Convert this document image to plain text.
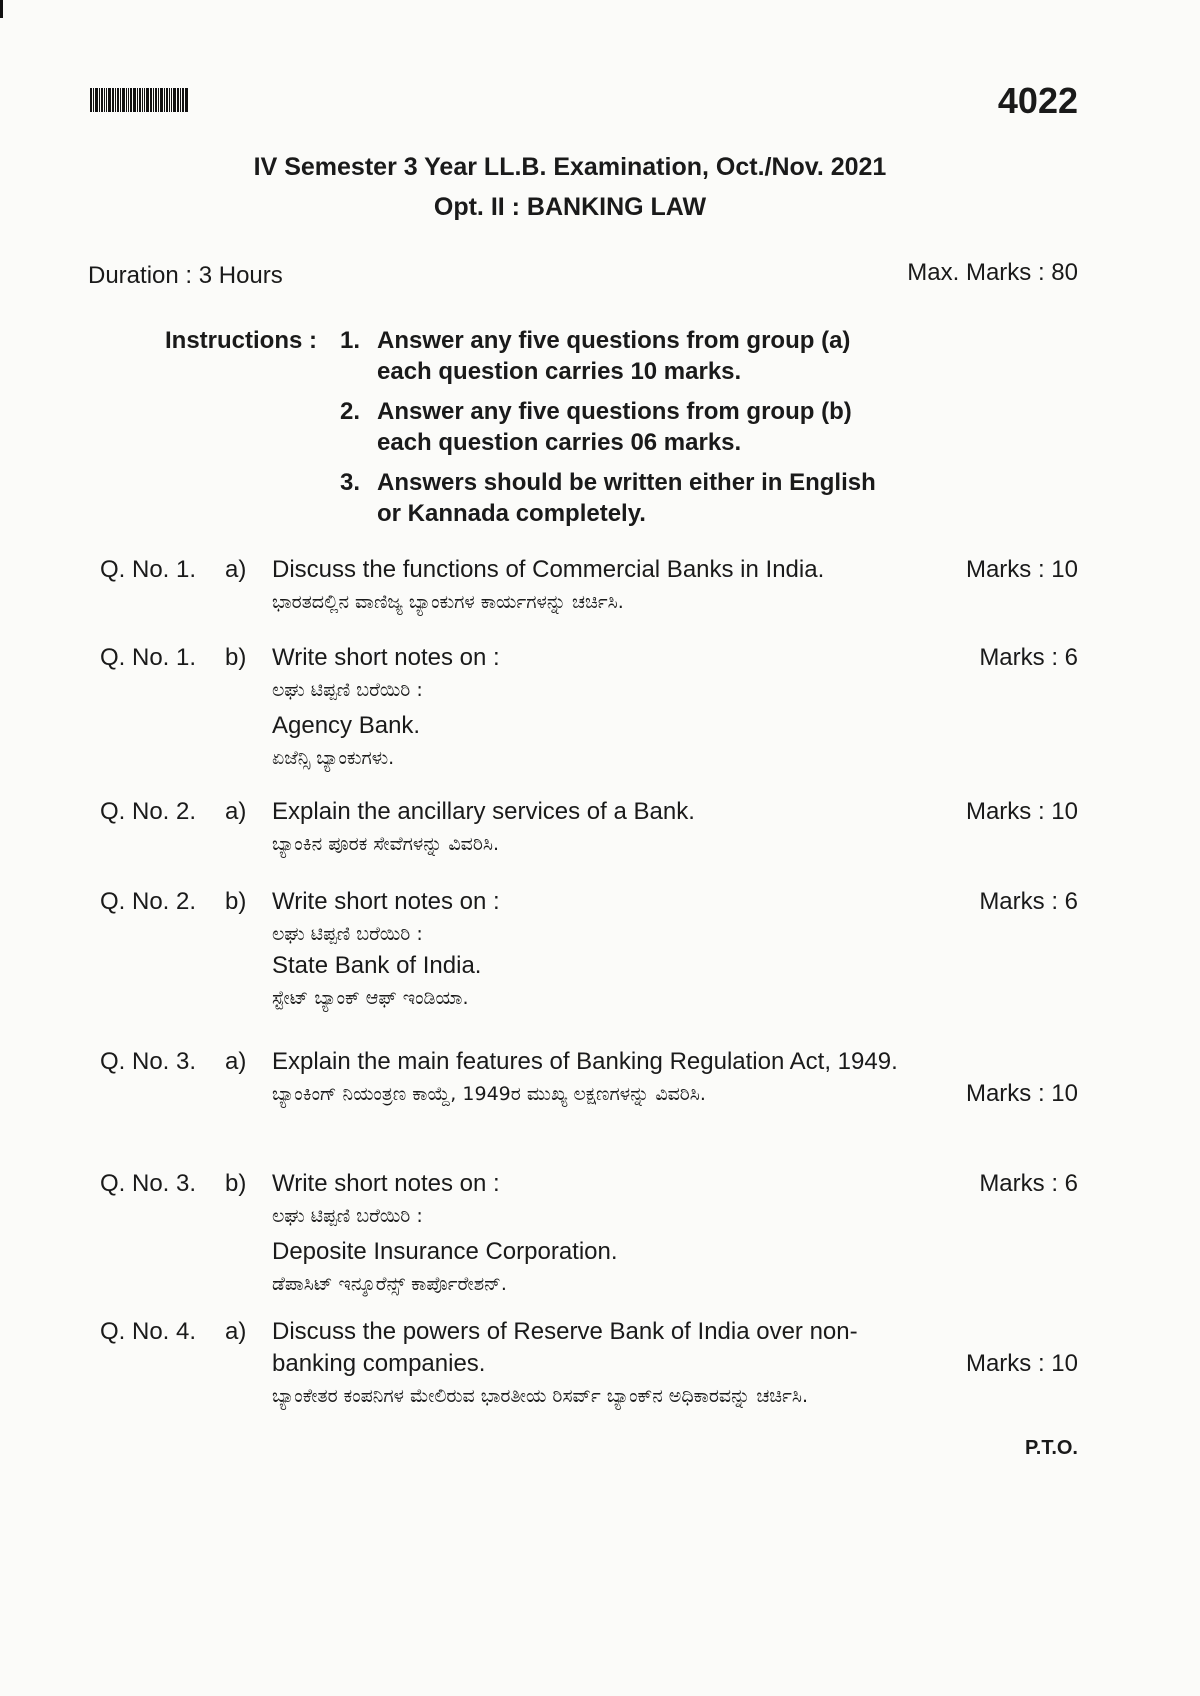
4022
IV Semester 3 Year LL.B. Examination, Oct./Nov. 2021
Opt. II : BANKING LAW
Duration : 3 Hours	Max. Marks : 80
Instructions : 1. Answer any five questions from group (a) each question carries 10 marks.
2. Answer any five questions from group (b) each question carries 06 marks.
3. Answers should be written either in English or Kannada completely.
Q. No. 1.	a) Discuss the functions of Commercial Banks in India.
ಭಾರತದಲ್ಲಿನ ವಾಣಿಜ್ಯ ಬ್ಯಾಂಕುಗಳ ಕಾರ್ಯಗಳನ್ನು ಚರ್ಚಿಸಿ.
Marks : 10
Q. No. 1.	b) Write short notes on :
ಲಘು ಟಿಪ್ಪಣಿ ಬರೆಯಿರಿ :
Agency Bank.
ಏಜೆನ್ಸಿ ಬ್ಯಾಂಕುಗಳು.
Marks : 6
Q. No. 2.	a) Explain the ancillary services of a Bank.
ಬ್ಯಾಂಕಿನ ಪೂರಕ ಸೇವೆಗಳನ್ನು ವಿವರಿಸಿ.
Marks : 10
Q. No. 2.	b) Write short notes on :
ಲಘು ಟಿಪ್ಪಣಿ ಬರೆಯಿರಿ :
State Bank of India.
ಸ್ಟೇಟ್ ಬ್ಯಾಂಕ್ ಆಫ್ ಇಂಡಿಯಾ.
Marks : 6
Q. No. 3.	a) Explain the main features of Banking Regulation Act, 1949.
ಬ್ಯಾಂಕಿಂಗ್ ನಿಯಂತ್ರಣ ಕಾಯ್ದೆ, 1949ರ ಮುಖ್ಯ ಲಕ್ಷಣಗಳನ್ನು ವಿವರಿಸಿ.	Marks : 10
Q. No. 3.	b) Write short notes on :
ಲಘು ಟಿಪ್ಪಣಿ ಬರೆಯಿರಿ :
Deposite Insurance Corporation.
ಡೆಪಾಸಿಟ್ ಇನ್ಶೂರೆನ್ಸ್ ಕಾರ್ಪೊರೇಶನ್.
Marks : 6
Q. No. 4.	a) Discuss the powers of Reserve Bank of India over non-banking companies.
ಬ್ಯಾಂಕೇತರ ಕಂಪನಿಗಳ ಮೇಲಿರುವ ಭಾರತೀಯ ರಿಸರ್ವ್ ಬ್ಯಾಂಕ್‌ನ ಅಧಿಕಾರವನ್ನು ಚರ್ಚಿಸಿ.
Marks : 10
P.T.O.
